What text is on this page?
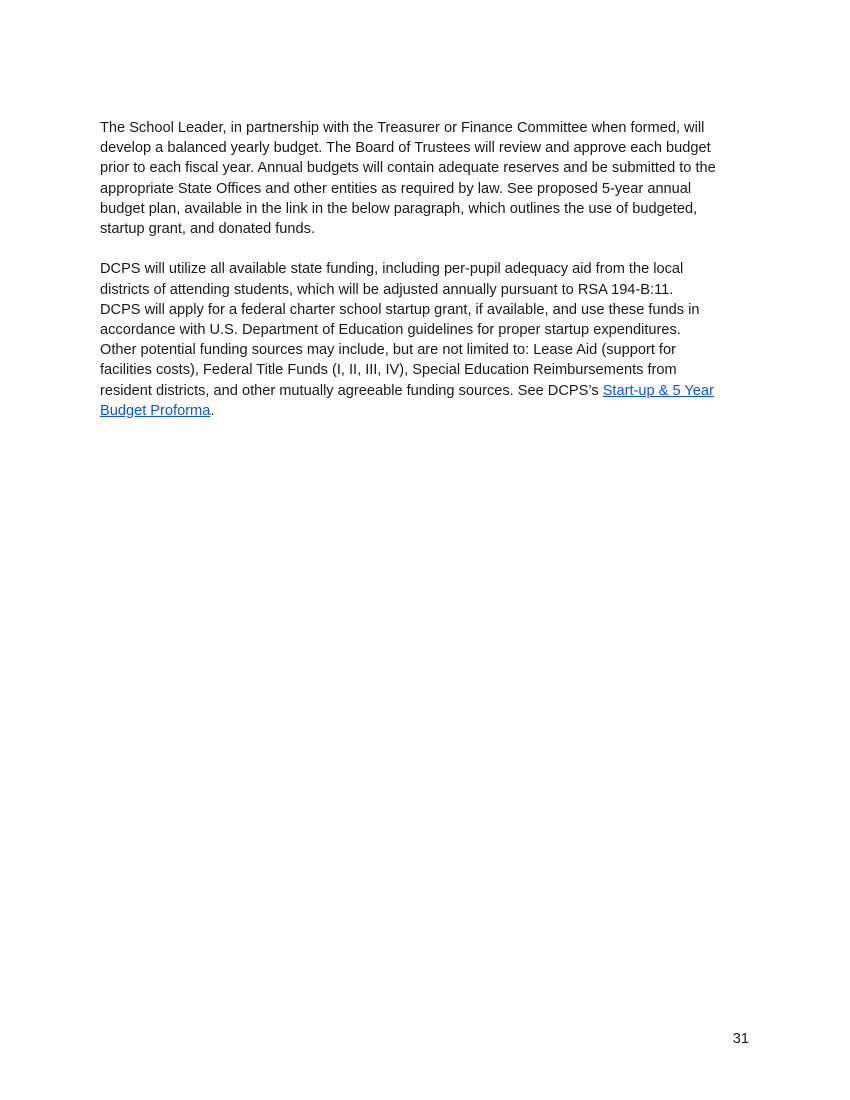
The School Leader, in partnership with the Treasurer or Finance Committee when formed, will
develop a balanced yearly budget. The Board of Trustees will review and approve each budget
prior to each fiscal year. Annual budgets will contain adequate reserves and be submitted to the
appropriate State Offices and other entities as required by law. See proposed 5-year annual
budget plan, available in the link in the below paragraph, which outlines the use of budgeted,
startup grant, and donated funds.

DCPS will utilize all available state funding, including per-pupil adequacy aid from the local
districts of attending students, which will be adjusted annually pursuant to RSA 194-B:11.
DCPS will apply for a federal charter school startup grant, if available, and use these funds in
accordance with U.S. Department of Education guidelines for proper startup expenditures.
Other potential funding sources may include, but are not limited to: Lease Aid (support for
facilities costs), Federal Title Funds (I, II, III, IV), Special Education Reimbursements from
resident districts, and other mutually agreeable funding sources. See DCPS’s Start-up & 5 Year
Budget Proforma.

31
